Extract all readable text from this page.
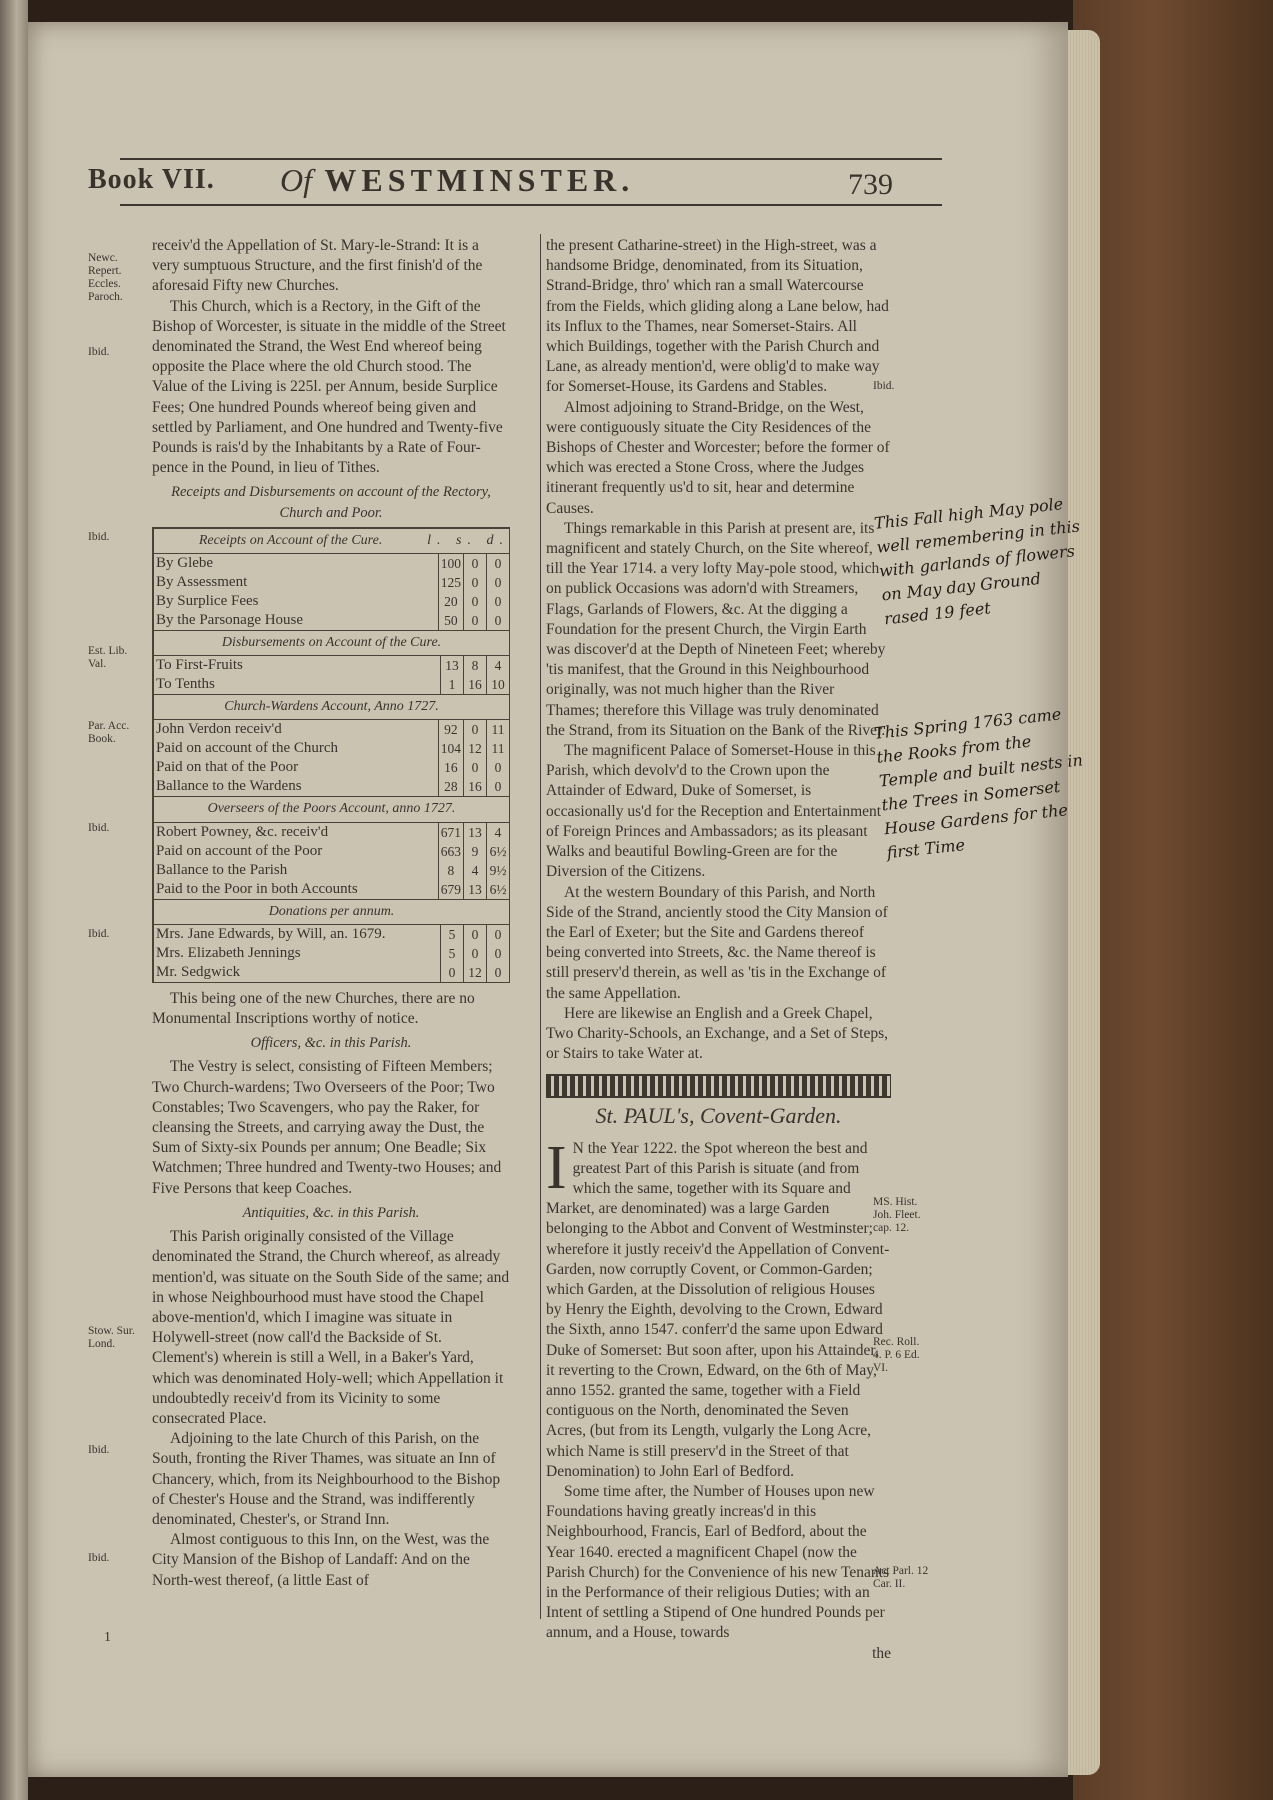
Book VII. Of WESTMINSTER.	739
Newc. Repert. Eccles. Paroch.
Ibid.
Ibid.
Est. Lib. Val.
Par. Acc. Book.
Ibid.
Ibid.
Stow. Sur. Lond.
Ibid.
Ibid.
Ibid.
MS. Hist. Joh. Fleet. cap. 12.
Rec. Roll. 4. P. 6 Ed. VI.
Act Parl. 12 Car. II.

receiv'd the Appellation of St. Mary-le-Strand: It is a very sumptuous Structure, and the first finish'd of the aforesaid Fifty new Churches.

This Church, which is a Rectory, in the Gift of the Bishop of Worcester, is situate in the middle of the Street denominated the Strand, the West End whereof being opposite the Place where the old Church stood. The Value of the Living is 225l. per Annum, beside Surplice Fees; One hundred Pounds whereof being given and settled by Parliament, and One hundred and Twenty-five Pounds is rais'd by the Inhabitants by a Rate of Four-pence in the Pound, in lieu of Tithes.

Receipts and Disbursements on account of the Rectory, Church and Poor.
Receipts on Account of the Cure.	l. s. d.
By Glebe	100	0	0
By Assessment	125	0	0
By Surplice Fees	20	0	0
By the Parsonage House	50	0	0
Disbursements on Account of the Cure.
To First-Fruits	13	8	4
To Tenths	1	16	10
Church-Wardens Account, Anno 1727.
John Verdon receiv'd	92	0	11
Paid on account of the Church	104	12	11
Paid on that of the Poor	16	0	0
Ballance to the Wardens	28	16	0
Overseers of the Poors Account, anno 1727.
Robert Powney, &c. receiv'd	671	13	4
Paid on account of the Poor	663	9	6½
Ballance to the Parish	8	4	9½
Paid to the Poor in both Accounts	679	13	6½
Donations per annum.
Mrs. Jane Edwards, by Will, an. 1679.	5	0	0
Mrs. Elizabeth Jennings	5	0	0
Mr. Sedgwick	0	12	0

This being one of the new Churches, there are no Monumental Inscriptions worthy of notice.

Officers, &c. in this Parish.

The Vestry is select, consisting of Fifteen Members; Two Church-wardens; Two Overseers of the Poor; Two Constables; Two Scavengers, who pay the Raker, for cleansing the Streets, and carrying away the Dust, the Sum of Sixty-six Pounds per annum; One Beadle; Six Watchmen; Three hundred and Twenty-two Houses; and Five Persons that keep Coaches.

Antiquities, &c. in this Parish.

This Parish originally consisted of the Village denominated the Strand, the Church whereof, as already mention'd, was situate on the South Side of the same; and in whose Neighbourhood must have stood the Chapel above-mention'd, which I imagine was situate in Holywell-street (now call'd the Backside of St. Clement's) wherein is still a Well, in a Baker's Yard, which was denominated Holy-well; which Appellation it undoubtedly receiv'd from its Vicinity to some consecrated Place.

Adjoining to the late Church of this Parish, on the South, fronting the River Thames, was situate an Inn of Chancery, which, from its Neighbourhood to the Bishop of Chester's House and the Strand, was indifferently denominated, Chester's, or Strand Inn.

Almost contiguous to this Inn, on the West, was the City Mansion of the Bishop of Landaff: And on the North-west thereof, (a little East of

the present Catharine-street) in the High-street, was a handsome Bridge, denominated, from its Situation, Strand-Bridge, thro' which ran a small Watercourse from the Fields, which gliding along a Lane below, had its Influx to the Thames, near Somerset-Stairs. All which Buildings, together with the Parish Church and Lane, as already mention'd, were oblig'd to make way for Somerset-House, its Gardens and Stables.

Almost adjoining to Strand-Bridge, on the West, were contiguously situate the City Residences of the Bishops of Chester and Worcester; before the former of which was erected a Stone Cross, where the Judges itinerant frequently us'd to sit, hear and determine Causes.

Things remarkable in this Parish at present are, its magnificent and stately Church, on the Site whereof, till the Year 1714. a very lofty May-pole stood, which on publick Occasions was adorn'd with Streamers, Flags, Garlands of Flowers, &c. At the digging a Foundation for the present Church, the Virgin Earth was discover'd at the Depth of Nineteen Feet; whereby 'tis manifest, that the Ground in this Neighbourhood originally, was not much higher than the River Thames; therefore this Village was truly denominated the Strand, from its Situation on the Bank of the River.

The magnificent Palace of Somerset-House in this Parish, which devolv'd to the Crown upon the Attainder of Edward, Duke of Somerset, is occasionally us'd for the Reception and Entertainment of Foreign Princes and Ambassadors; as its pleasant Walks and beautiful Bowling-Green are for the Diversion of the Citizens.

At the western Boundary of this Parish, and North Side of the Strand, anciently stood the City Mansion of the Earl of Exeter; but the Site and Gardens thereof being converted into Streets, &c. the Name thereof is still preserv'd therein, as well as 'tis in the Exchange of the same Appellation.

Here are likewise an English and a Greek Chapel, Two Charity-Schools, an Exchange, and a Set of Steps, or Stairs to take Water at.

St. PAUL's, Covent-Garden.

I N the Year 1222. the Spot whereon the best and greatest Part of this Parish is situate (and from which the same, together with its Square and Market, are denominated) was a large Garden belonging to the Abbot and Convent of Westminster; wherefore it justly receiv'd the Appellation of Convent-Garden, now corruptly Covent, or Common-Garden; which Garden, at the Dissolution of religious Houses by Henry the Eighth, devolving to the Crown, Edward the Sixth, anno 1547. conferr'd the same upon Edward Duke of Somerset: But soon after, upon his Attainder, it reverting to the Crown, Edward, on the 6th of May, anno 1552. granted the same, together with a Field contiguous on the North, denominated the Seven Acres, (but from its Length, vulgarly the Long Acre, which Name is still preserv'd in the Street of that Denomination) to John Earl of Bedford.

Some time after, the Number of Houses upon new Foundations having greatly increas'd in this Neighbourhood, Francis, Earl of Bedford, about the Year 1640. erected a magnificent Chapel (now the Parish Church) for the Convenience of his new Tenants in the Performance of their religious Duties; with an Intent of settling a Stipend of One hundred Pounds per annum, and a House, towards

the

This Fall high May pole well remembering in this with garlands of flowers on May day Ground rased 19 feet
This Spring 1763 came the Rooks from the Temple and built nests in the Trees in Somerset House Gardens for the first Time
1
